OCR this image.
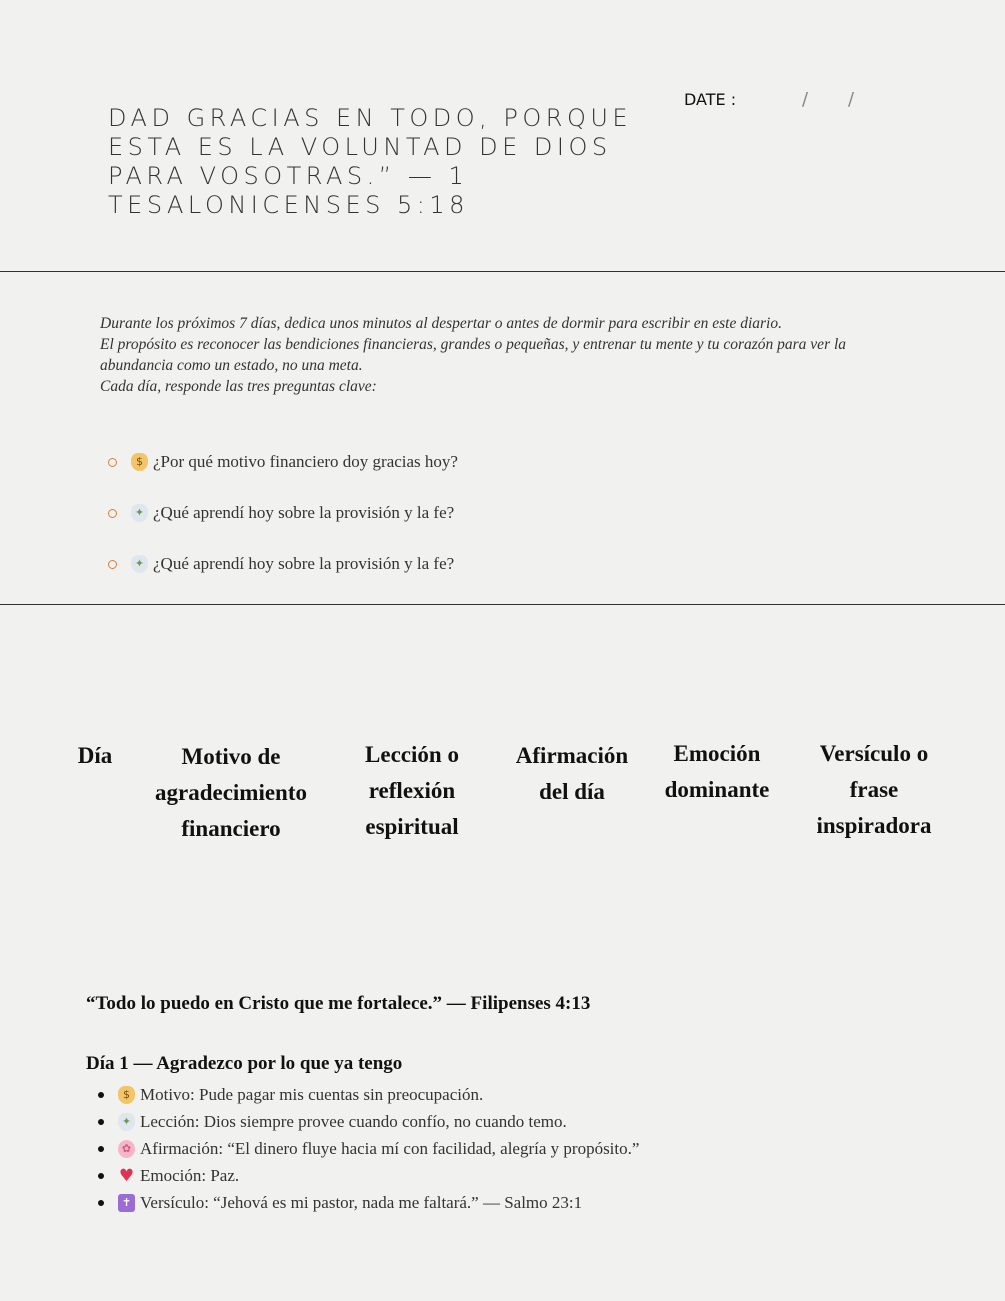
DAD GRACIAS EN TODO, PORQUE ESTA ES LA VOLUNTAD DE DIOS PARA VOSOTRAS.” — 1 TESALONICENSES 5:18
DATE :	/ /
Durante los próximos 7 días, dedica unos minutos al despertar o antes de dormir para escribir en este diario.
El propósito es reconocer las bendiciones financieras, grandes o pequeñas, y entrenar tu mente y tu corazón para ver la abundancia como un estado, no una meta.
Cada día, responde las tres preguntas clave:
$ ¿Por qué motivo financiero doy gracias hoy?
✦ ¿Qué aprendí hoy sobre la provisión y la fe?
✦ ¿Qué aprendí hoy sobre la provisión y la fe?
Día	Motivo de agradecimiento financiero
Lección o reflexión espiritual
Afirmación del día
Emoción dominante
Versículo o frase inspiradora
“Todo lo puedo en Cristo que me fortalece.” — Filipenses 4:13
Día 1 — Agradezco por lo que ya tengo
$ Motivo: Pude pagar mis cuentas sin preocupación.
✦ Lección: Dios siempre provee cuando confío, no cuando temo.
✿ Afirmación: “El dinero fluye hacia mí con facilidad, alegría y propósito.”
♥ Emoción: Paz.
✝ Versículo: “Jehová es mi pastor, nada me faltará.” — Salmo 23:1
